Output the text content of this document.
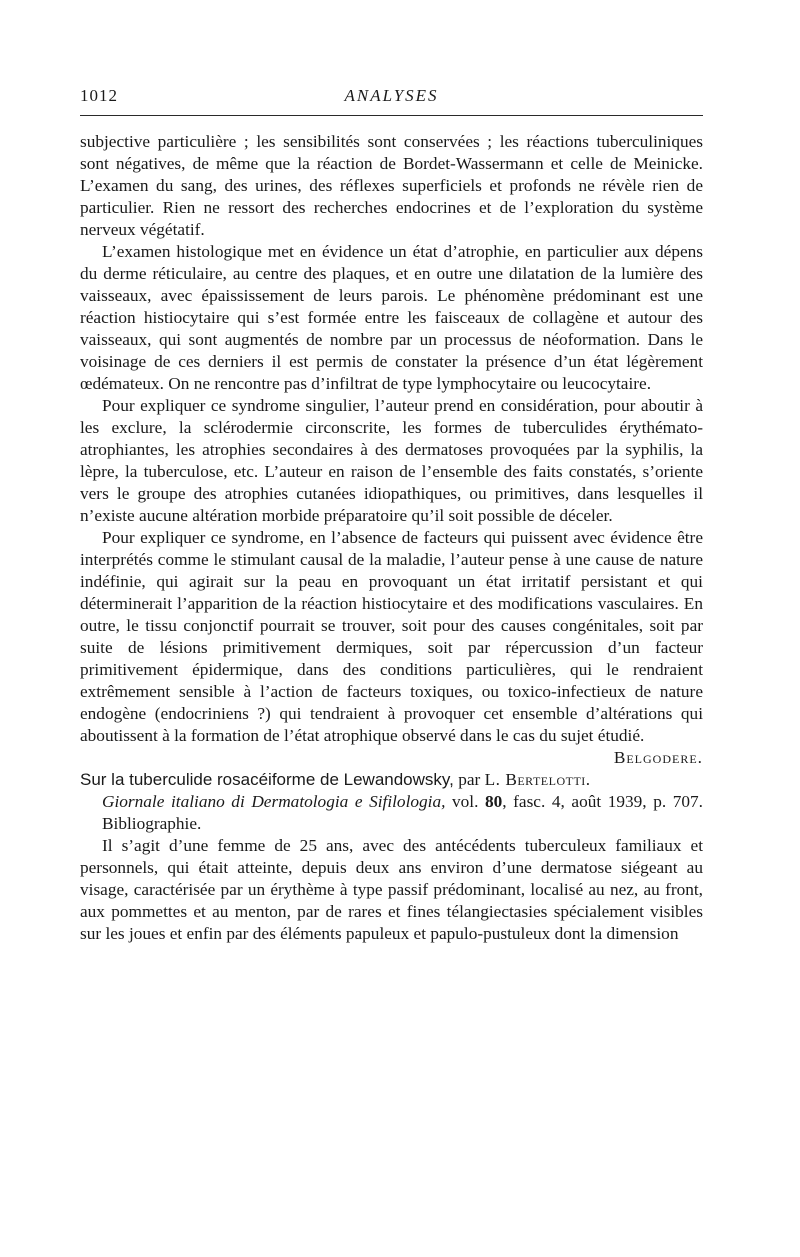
1012	ANALYSES

subjective particulière ; les sensibilités sont conservées ; les réactions tuberculiniques sont négatives, de même que la réaction de Bordet-Wassermann et celle de Meinicke. L’examen du sang, des urines, des réflexes superficiels et profonds ne révèle rien de particulier. Rien ne ressort des recherches endocrines et de l’exploration du système nerveux végétatif.

L’examen histologique met en évidence un état d’atrophie, en particulier aux dépens du derme réticulaire, au centre des plaques, et en outre une dilatation de la lumière des vaisseaux, avec épaississement de leurs parois. Le phénomène prédominant est une réaction histiocytaire qui s’est formée entre les faisceaux de collagène et autour des vaisseaux, qui sont augmentés de nombre par un processus de néoformation. Dans le voisinage de ces derniers il est permis de constater la présence d’un état légèrement œdémateux. On ne rencontre pas d’infiltrat de type lymphocytaire ou leucocytaire.

Pour expliquer ce syndrome singulier, l’auteur prend en considération, pour aboutir à les exclure, la sclérodermie circonscrite, les formes de tuberculides érythémato-atrophiantes, les atrophies secondaires à des dermatoses provoquées par la syphilis, la lèpre, la tuberculose, etc. L’auteur en raison de l’ensemble des faits constatés, s’oriente vers le groupe des atrophies cutanées idiopathiques, ou primitives, dans lesquelles il n’existe aucune altération morbide préparatoire qu’il soit possible de déceler.

Pour expliquer ce syndrome, en l’absence de facteurs qui puissent avec évidence être interprétés comme le stimulant causal de la maladie, l’auteur pense à une cause de nature indéfinie, qui agirait sur la peau en provoquant un état irritatif persistant et qui déterminerait l’apparition de la réaction histiocytaire et des modifications vasculaires. En outre, le tissu conjonctif pourrait se trouver, soit pour des causes congénitales, soit par suite de lésions primitivement dermiques, soit par répercussion d’un facteur primitivement épidermique, dans des conditions particulières, qui le rendraient extrêmement sensible à l’action de facteurs toxiques, ou toxico-infectieux de nature endogène (endocriniens ?) qui tendraient à provoquer cet ensemble d’altérations qui aboutissent à la formation de l’état atrophique observé dans le cas du sujet étudié.

Belgodere.

Sur la tuberculide rosacéiforme de Lewandowsky, par L. Bertelotti.

Giornale italiano di Dermatologia e Sifilologia, vol. 80, fasc. 4, août 1939, p. 707. Bibliographie.

Il s’agit d’une femme de 25 ans, avec des antécédents tuberculeux familiaux et personnels, qui était atteinte, depuis deux ans environ d’une dermatose siégeant au visage, caractérisée par un érythème à type passif prédominant, localisé au nez, au front, aux pommettes et au menton, par de rares et fines télangiectasies spécialement visibles sur les joues et enfin par des éléments papuleux et papulo-pustuleux dont la dimension
